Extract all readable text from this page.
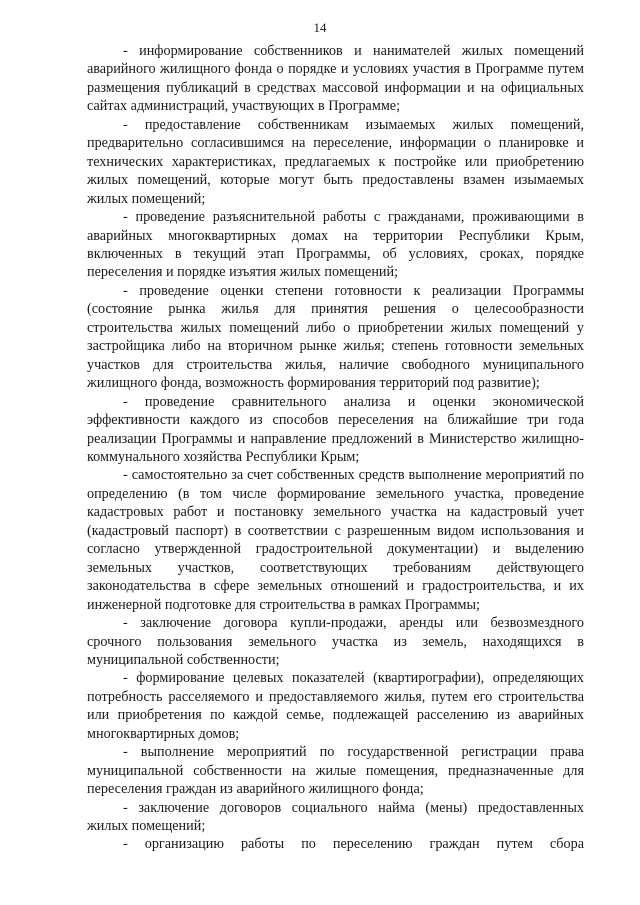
14

- информирование собственников и нанимателей жилых помещений аварийного жилищного фонда о порядке и условиях участия в Программе путем размещения публикаций в средствах массовой информации и на официальных сайтах администраций, участвующих в Программе;

- предоставление собственникам изымаемых жилых помещений, предварительно согласившимся на переселение, информации о планировке и технических характеристиках, предлагаемых к постройке или приобретению жилых помещений, которые могут быть предоставлены взамен изымаемых жилых помещений;

- проведение разъяснительной работы с гражданами, проживающими в аварийных многоквартирных домах на территории Республики Крым, включенных в текущий этап Программы, об условиях, сроках, порядке переселения и порядке изъятия жилых помещений;

- проведение оценки степени готовности к реализации Программы (состояние рынка жилья для принятия решения о целесообразности строительства жилых помещений либо о приобретении жилых помещений у застройщика либо на вторичном рынке жилья; степень готовности земельных участков для строительства жилья, наличие свободного муниципального жилищного фонда, возможность формирования территорий под развитие);

- проведение сравнительного анализа и оценки экономической эффективности каждого из способов переселения на ближайшие три года реализации Программы и направление предложений в Министерство жилищно-коммунального хозяйства Республики Крым;

- самостоятельно за счет собственных средств выполнение мероприятий по определению (в том числе формирование земельного участка, проведение кадастровых работ и постановку земельного участка на кадастровый учет (кадастровый паспорт) в соответствии с разрешенным видом использования и согласно утвержденной градостроительной документации) и выделению земельных участков, соответствующих требованиям действующего законодательства в сфере земельных отношений и градостроительства, и их инженерной подготовке для строительства в рамках Программы;

- заключение договора купли-продажи, аренды или безвозмездного срочного пользования земельного участка из земель, находящихся в муниципальной собственности;

- формирование целевых показателей (квартирографии), определяющих потребность расселяемого и предоставляемого жилья, путем его строительства или приобретения по каждой семье, подлежащей расселению из аварийных многоквартирных домов;

- выполнение мероприятий по государственной регистрации права муниципальной собственности на жилые помещения, предназначенные для переселения граждан из аварийного жилищного фонда;

- заключение договоров социального найма (мены) предоставленных жилых помещений;

- организацию работы по переселению граждан путем сбора
